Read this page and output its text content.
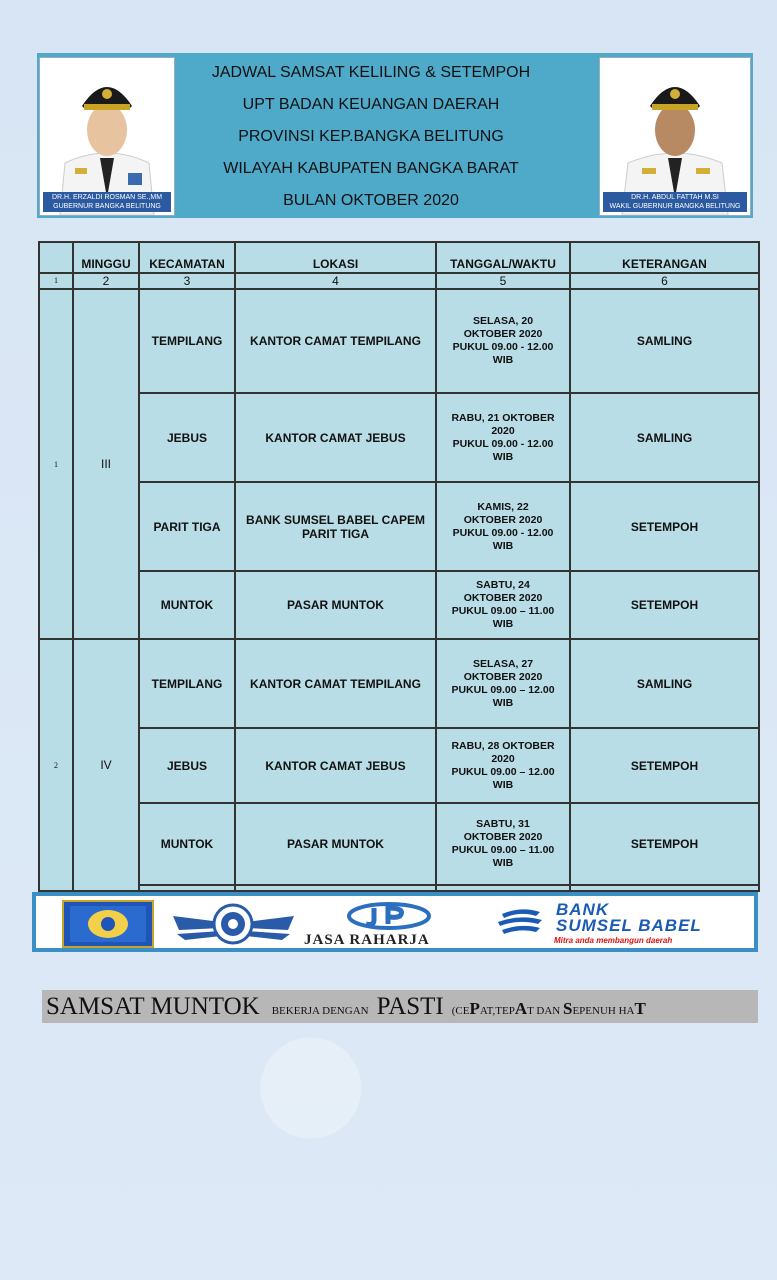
DR.H. ERZALDI ROSMAN SE.,MM
GUBERNUR BANGKA BELITUNG
JADWAL SAMSAT KELILING & SETEMPOH
UPT BADAN KEUANGAN DAERAH
PROVINSI KEP.BANGKA BELITUNG
WILAYAH KABUPATEN BANGKA BARAT
BULAN OKTOBER 2020	DR.H. ABDUL FATTAH M.SI
WAKIL GUBERNUR BANGKA BELITUNG
	MINGGU	KECAMATAN	LOKASI	TANGGAL/WAKTU	KETERANGAN
1	2	3	4	5	6
1	III	TEMPILANG	KANTOR CAMAT TEMPILANG	SELASA, 20
OKTOBER 2020
PUKUL 09.00 - 12.00
WIB	SAMLING
		JEBUS	KANTOR CAMAT JEBUS	RABU, 21 OKTOBER
2020
PUKUL 09.00 - 12.00
WIB	SAMLING
		PARIT TIGA	BANK SUMSEL BABEL CAPEM PARIT TIGA	KAMIS, 22
OKTOBER 2020
PUKUL 09.00 - 12.00
WIB	SETEMPOH
		MUNTOK	PASAR MUNTOK	SABTU, 24
OKTOBER 2020
PUKUL 09.00 – 11.00
WIB	SETEMPOH
2	IV	TEMPILANG	KANTOR CAMAT TEMPILANG	SELASA, 27
OKTOBER 2020
PUKUL 09.00 – 12.00
WIB	SAMLING
		JEBUS	KANTOR CAMAT JEBUS	RABU, 28 OKTOBER
2020
PUKUL 09.00 – 12.00
WIB	SETEMPOH
		MUNTOK	PASAR MUNTOK	SABTU, 31
OKTOBER 2020
PUKUL 09.00 – 11.00
WIB	SETEMPOH

JASA RAHARJA
BANK
SUMSEL BABEL
Mitra anda membangun daerah
SAMSAT MUNTOK BEKERJA DENGAN PASTI (CEPAT,TEPAT DAN SEPENUH HAT
